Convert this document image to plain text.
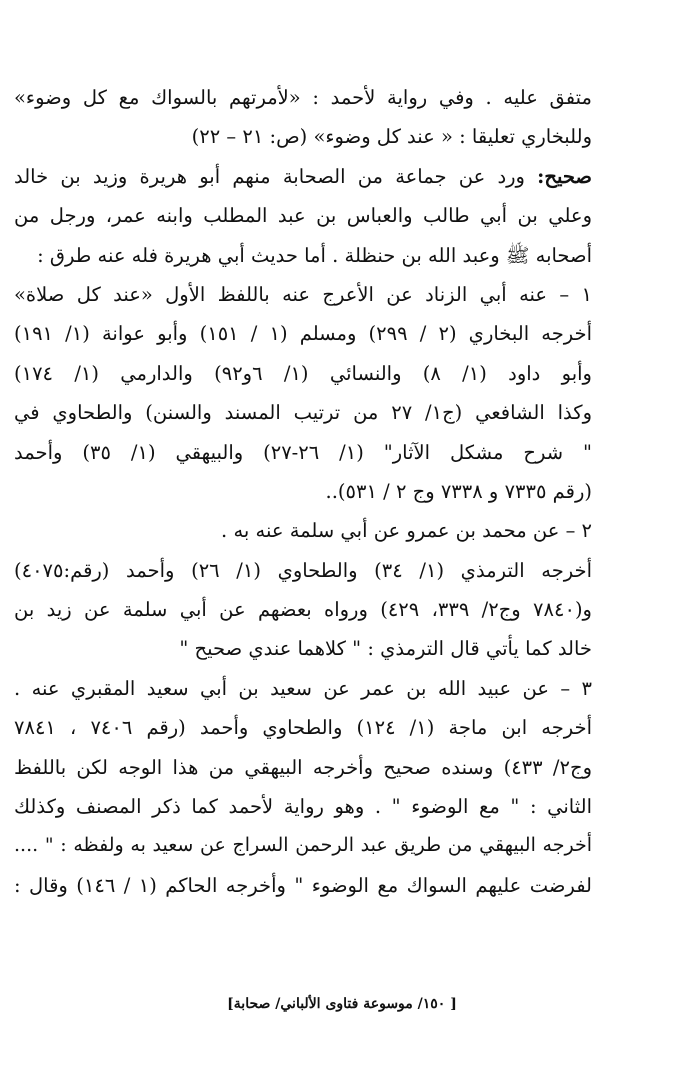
متفق عليه . وفي رواية لأحمد : «لأمرتهم بالسواك مع كل وضوء»
وللبخاري تعليقا : « عند كل وضوء» (ص: ٢١ – ٢٢)
صحيح: ورد عن جماعة من الصحابة منهم أبو هريرة وزيد بن خالد
وعلي بن أبي طالب والعباس بن عبد المطلب وابنه عمر، ورجل من
أصحابه ﷺ وعبد الله بن حنظلة . أما حديث أبي هريرة فله عنه طرق :
١ – عنه أبي الزناد عن الأعرج عنه باللفظ الأول «عند كل صلاة»
أخرجه البخاري (٢ / ٢٩٩) ومسلم (١ / ١٥١) وأبو عوانة (١/ ١٩١)
وأبو داود (١/ ٨) والنسائي (١/ ٦و٩٢) والدارمي (١/ ١٧٤)
وكذا الشافعي (ج١/ ٢٧ من ترتيب المسند والسنن) والطحاوي في
" شرح مشكل الآثار" (١/ ٢٦-٢٧) والبيهقي (١/ ٣٥) وأحمد
(رقم ٧٣٣٥ و ٧٣٣٨ وج ٢ / ٥٣١)..
٢ – عن محمد بن عمرو عن أبي سلمة عنه به .
أخرجه الترمذي (١/ ٣٤) والطحاوي (١/ ٢٦) وأحمد (رقم:٤٠٧٥)
و(٧٨٤٠ وج٢/ ٣٣٩، ٤٢٩) ورواه بعضهم عن أبي سلمة عن زيد بن
خالد كما يأتي قال الترمذي : " كلاهما عندي صحيح "
٣ – عن عبيد الله بن عمر عن سعيد بن أبي سعيد المقبري عنه .
أخرجه ابن ماجة (١/ ١٢٤) والطحاوي وأحمد (رقم ٧٤٠٦ ، ٧٨٤١
وج٢/ ٤٣٣) وسنده صحيح وأخرجه البيهقي من هذا الوجه لكن باللفظ
الثاني : " مع الوضوء " . وهو رواية لأحمد كما ذكر المصنف وكذلك
أخرجه البيهقي من طريق عبد الرحمن السراج عن سعيد به ولفظه : " ....
لفرضت عليهم السواك مع الوضوء " وأخرجه الحاكم (١ / ١٤٦) وقال :
[ ١٥٠/ موسوعة فتاوى الألباني/ صحابة]
